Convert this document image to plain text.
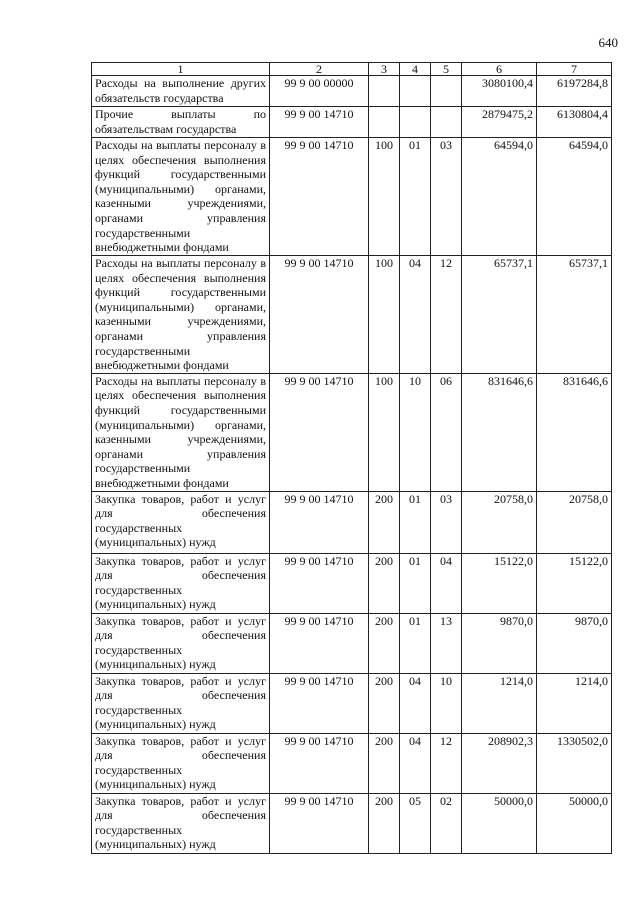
640
1	2	3	4	5	6	7
Расходы на выполнение других обязательств государства	99 9 00 00000				3080100,4	6197284,8
Прочие выплаты по обязательствам государства	99 9 00 14710				2879475,2	6130804,4
Расходы на выплаты персоналу в целях обеспечения выполнения функций государственными (муниципальными) органами, казенными учреждениями, органами управления государственными внебюджетными фондами	99 9 00 14710	100	01	03	64594,0	64594,0
Расходы на выплаты персоналу в целях обеспечения выполнения функций государственными (муниципальными) органами, казенными учреждениями, органами управления государственными внебюджетными фондами	99 9 00 14710	100	04	12	65737,1	65737,1
Расходы на выплаты персоналу в целях обеспечения выполнения функций государственными (муниципальными) органами, казенными учреждениями, органами управления государственными внебюджетными фондами	99 9 00 14710	100	10	06	831646,6	831646,6
Закупка товаров, работ и услуг для обеспечения государственных (муниципальных) нужд	99 9 00 14710	200	01	03	20758,0	20758,0
Закупка товаров, работ и услуг для обеспечения государственных (муниципальных) нужд	99 9 00 14710	200	01	04	15122,0	15122,0
Закупка товаров, работ и услуг для обеспечения государственных (муниципальных) нужд	99 9 00 14710	200	01	13	9870,0	9870,0
Закупка товаров, работ и услуг для обеспечения государственных (муниципальных) нужд	99 9 00 14710	200	04	10	1214,0	1214,0
Закупка товаров, работ и услуг для обеспечения государственных (муниципальных) нужд	99 9 00 14710	200	04	12	208902,3	1330502,0
Закупка товаров, работ и услуг для обеспечения государственных (муниципальных) нужд	99 9 00 14710	200	05	02	50000,0	50000,0
